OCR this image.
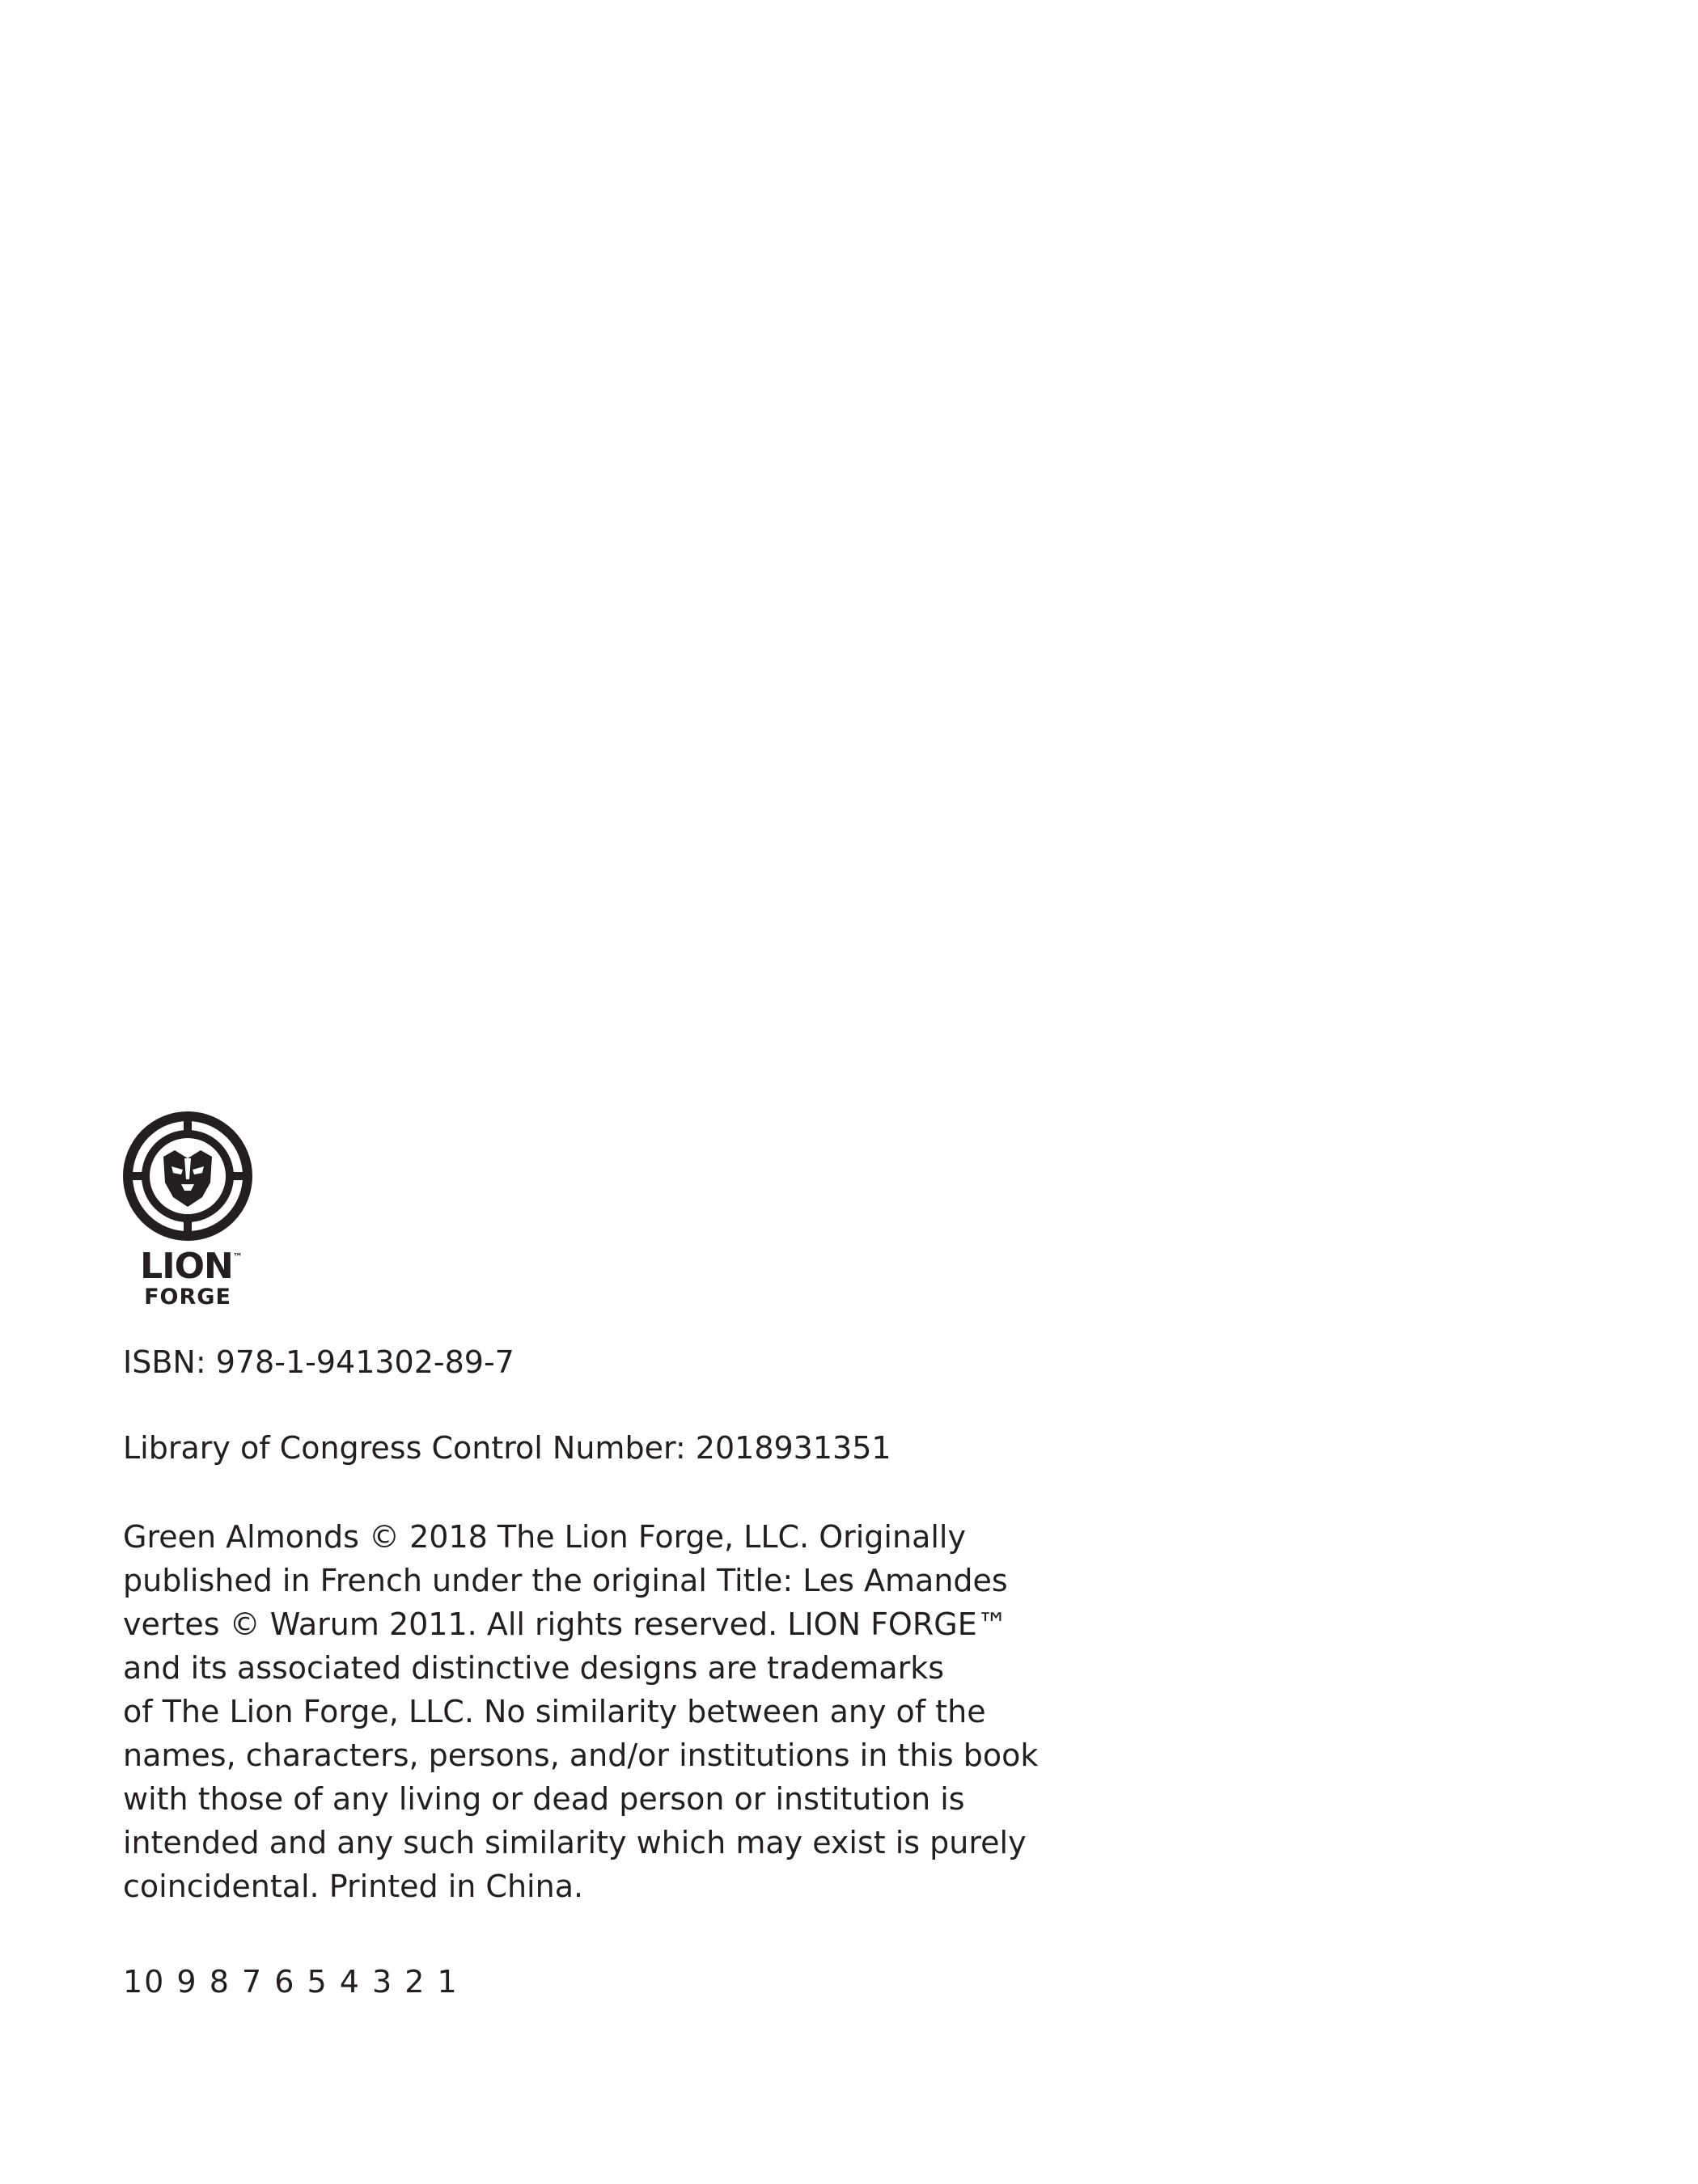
LION™
FORGE
ISBN: 978-1-941302-89-7
Library of Congress Control Number: 2018931351
Green Almonds © 2018 The Lion Forge, LLC. Originally
published in French under the original Title: Les Amandes
vertes © Warum 2011. All rights reserved. LION FORGE™
and its associated distinctive designs are trademarks
of The Lion Forge, LLC. No similarity between any of the
names, characters, persons, and/or institutions in this book
with those of any living or dead person or institution is
intended and any such similarity which may exist is purely
coincidental. Printed in China.
10 9 8 7 6 5 4 3 2 1
